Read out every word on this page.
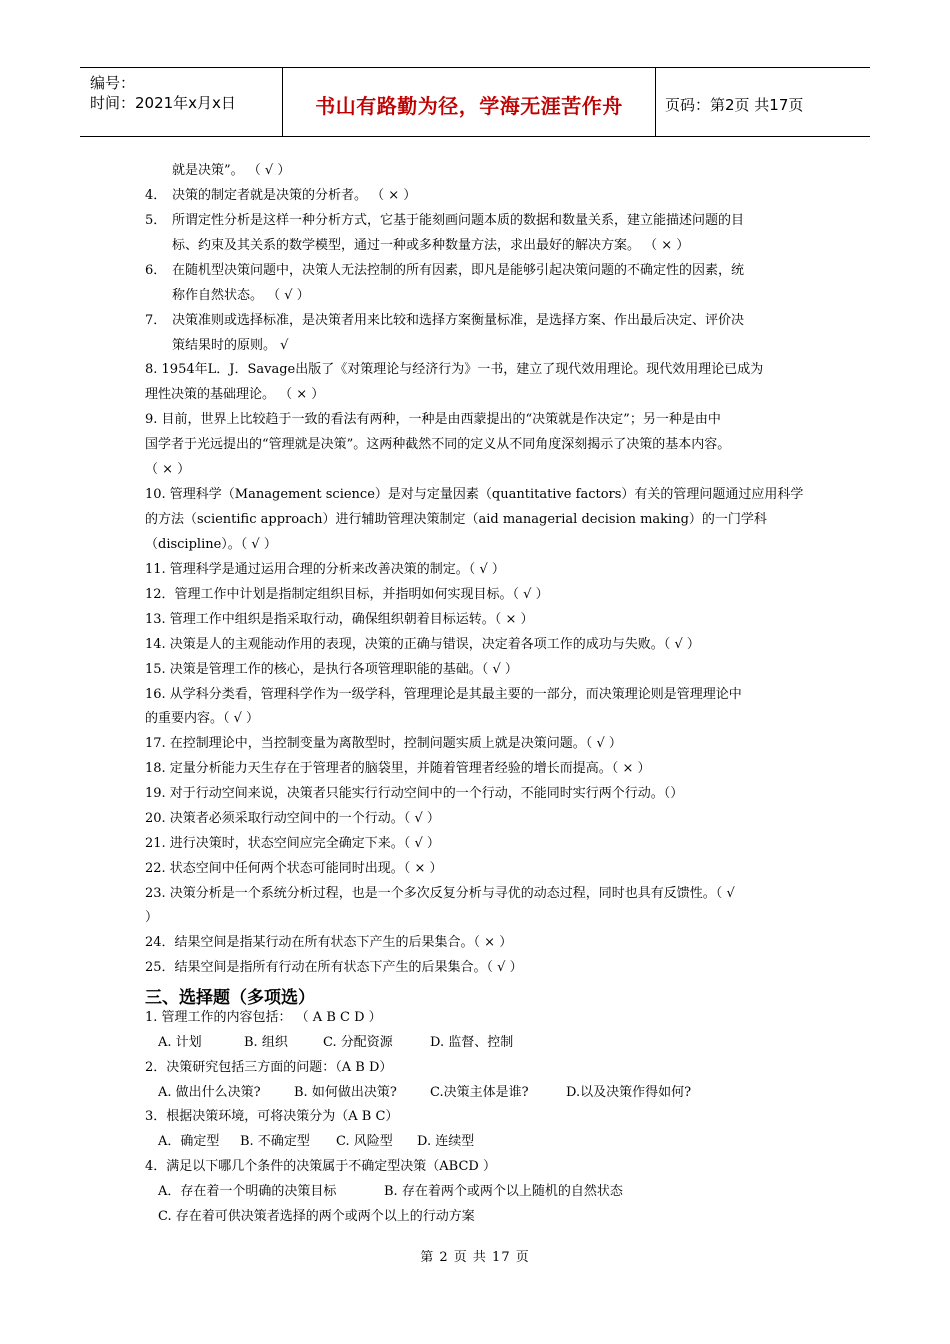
编号：
时间：2021年x月x日	书山有路勤为径，学海无涯苦作舟	页码：第2页 共17页
就是决策”。 （ √ ）
4． 决策的制定者就是决策的分析者。 （ × ）
5． 所谓定性分析是这样一种分析方式，它基于能刻画问题本质的数据和数量关系，建立能描述问题的目
标、约束及其关系的数学模型，通过一种或多种数量方法，求出最好的解决方案。 （ × ）
6． 在随机型决策问题中，决策人无法控制的所有因素，即凡是能够引起决策问题的不确定性的因素，统
称作自然状态。 （ √ ）
7． 决策准则或选择标准，是决策者用来比较和选择方案衡量标准，是选择方案、作出最后决定、评价决
策结果时的原则。 √
8. 1954年L．J．Savage出版了《对策理论与经济行为》一书，建立了现代效用理论。现代效用理论已成为
理性决策的基础理论。 （ × ）
9. 目前，世界上比较趋于一致的看法有两种，一种是由西蒙提出的“决策就是作决定”；另一种是由中
国学者于光远提出的“管理就是决策”。这两种截然不同的定义从不同角度深刻揭示了决策的基本内容。
（ × ）
10. 管理科学（Management science）是对与定量因素（quantitative factors）有关的管理问题通过应用科学
的方法（scientific approach）进行辅助管理决策制定（aid managerial decision making）的一门学科
（discipline）。（ √ ）
11. 管理科学是通过运用合理的分析来改善决策的制定。（ √ ）
12．管理工作中计划是指制定组织目标，并指明如何实现目标。（ √ ）
13. 管理工作中组织是指采取行动，确保组织朝着目标运转。（ × ）
14. 决策是人的主观能动作用的表现，决策的正确与错误，决定着各项工作的成功与失败。（ √ ）
15. 决策是管理工作的核心，是执行各项管理职能的基础。（ √ ）
16. 从学科分类看，管理科学作为一级学科，管理理论是其最主要的一部分，而决策理论则是管理理论中
的重要内容。（ √ ）
17. 在控制理论中，当控制变量为离散型时，控制问题实质上就是决策问题。（ √ ）
18. 定量分析能力天生存在于管理者的脑袋里，并随着管理者经验的增长而提高。（ × ）
19. 对于行动空间来说，决策者只能实行行动空间中的一个行动，不能同时实行两个行动。（）
20. 决策者必须采取行动空间中的一个行动。（ √ ）
21. 进行决策时，状态空间应完全确定下来。（ √ ）
22. 状态空间中任何两个状态可能同时出现。（ × ）
23. 决策分析是一个系统分析过程，也是一个多次反复分析与寻优的动态过程，同时也具有反馈性。（ √
）
24．结果空间是指某行动在所有状态下产生的后果集合。（ × ）
25．结果空间是指所有行动在所有状态下产生的后果集合。（ √ ）
三、选择题（多项选）
1. 管理工作的内容包括： （ A B C D ）
A. 计划	B. 组织	C. 分配资源	D. 监督、控制
2．决策研究包括三方面的问题：（A B D）
A. 做出什么决策?	B. 如何做出决策?	C.决策主体是谁?	D.以及决策作得如何?
3．根据决策环境，可将决策分为（A B C）
A．确定型 B. 不确定型 C. 风险型 D. 连续型
4．满足以下哪几个条件的决策属于不确定型决策（ABCD ）
A．存在着一个明确的决策目标	B. 存在着两个或两个以上随机的自然状态
C. 存在着可供决策者选择的两个或两个以上的行动方案
第 2 页 共 17 页
